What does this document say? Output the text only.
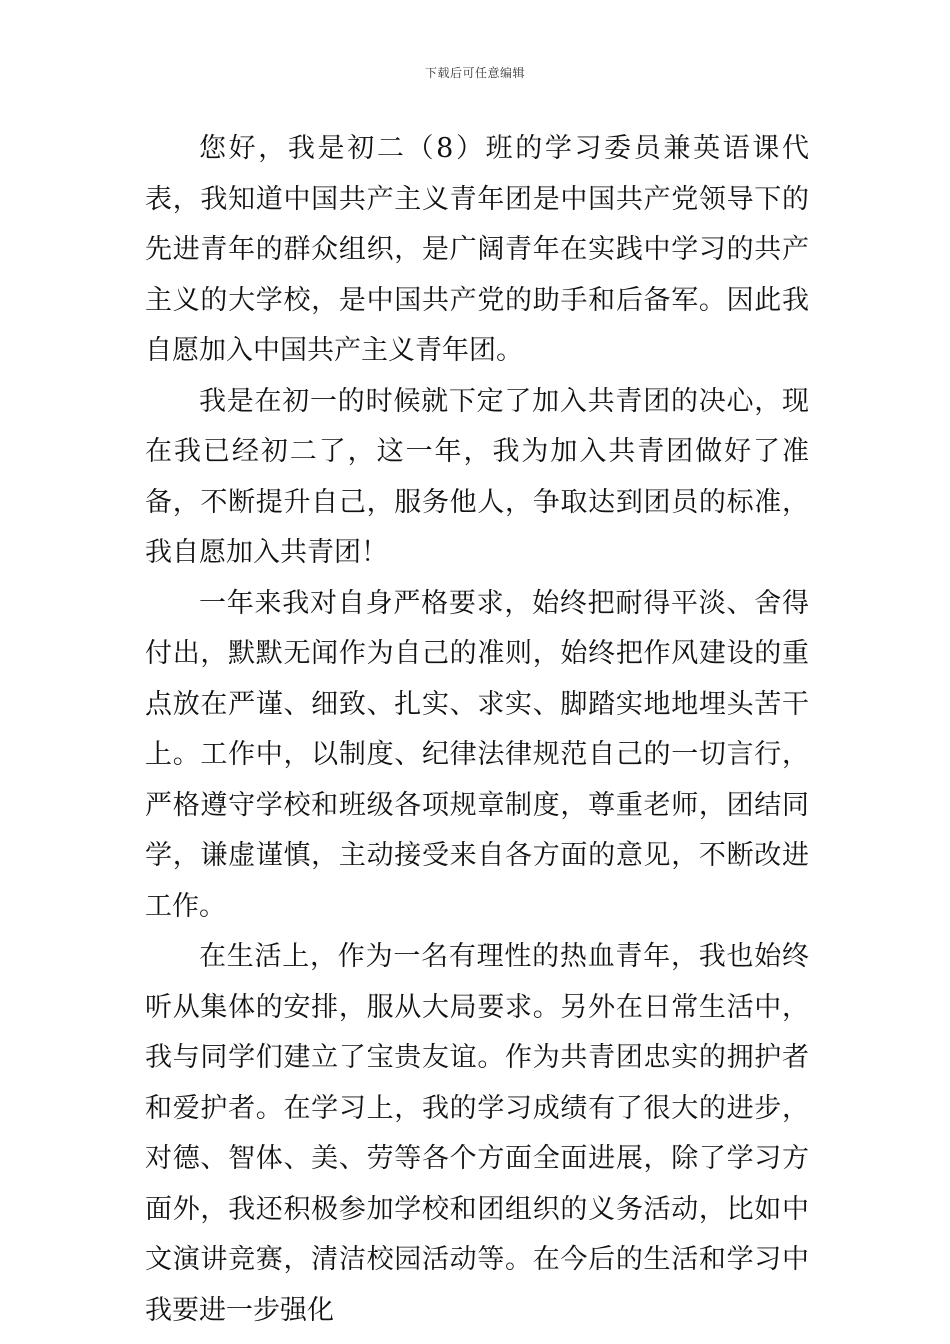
下载后可任意编辑

您好，我是初二（8）班的学习委员兼英语课代表，我知道中国共产主义青年团是中国共产党领导下的先进青年的群众组织，是广阔青年在实践中学习的共产主义的大学校，是中国共产党的助手和后备军。因此我自愿加入中国共产主义青年团。

我是在初一的时候就下定了加入共青团的决心，现在我已经初二了，这一年，我为加入共青团做好了准备，不断提升自己，服务他人，争取达到团员的标准，我自愿加入共青团！

一年来我对自身严格要求，始终把耐得平淡、舍得付出，默默无闻作为自己的准则，始终把作风建设的重点放在严谨、细致、扎实、求实、脚踏实地地埋头苦干上。工作中，以制度、纪律法律规范自己的一切言行，严格遵守学校和班级各项规章制度，尊重老师，团结同学，谦虚谨慎，主动接受来自各方面的意见，不断改进工作。

在生活上，作为一名有理性的热血青年，我也始终听从集体的安排，服从大局要求。另外在日常生活中，我与同学们建立了宝贵友谊。作为共青团忠实的拥护者和爱护者。在学习上，我的学习成绩有了很大的进步，对德、智体、美、劳等各个方面全面进展，除了学习方面外，我还积极参加学校和团组织的义务活动，比如中文演讲竞赛，清洁校园活动等。在今后的生活和学习中我要进一步强化
